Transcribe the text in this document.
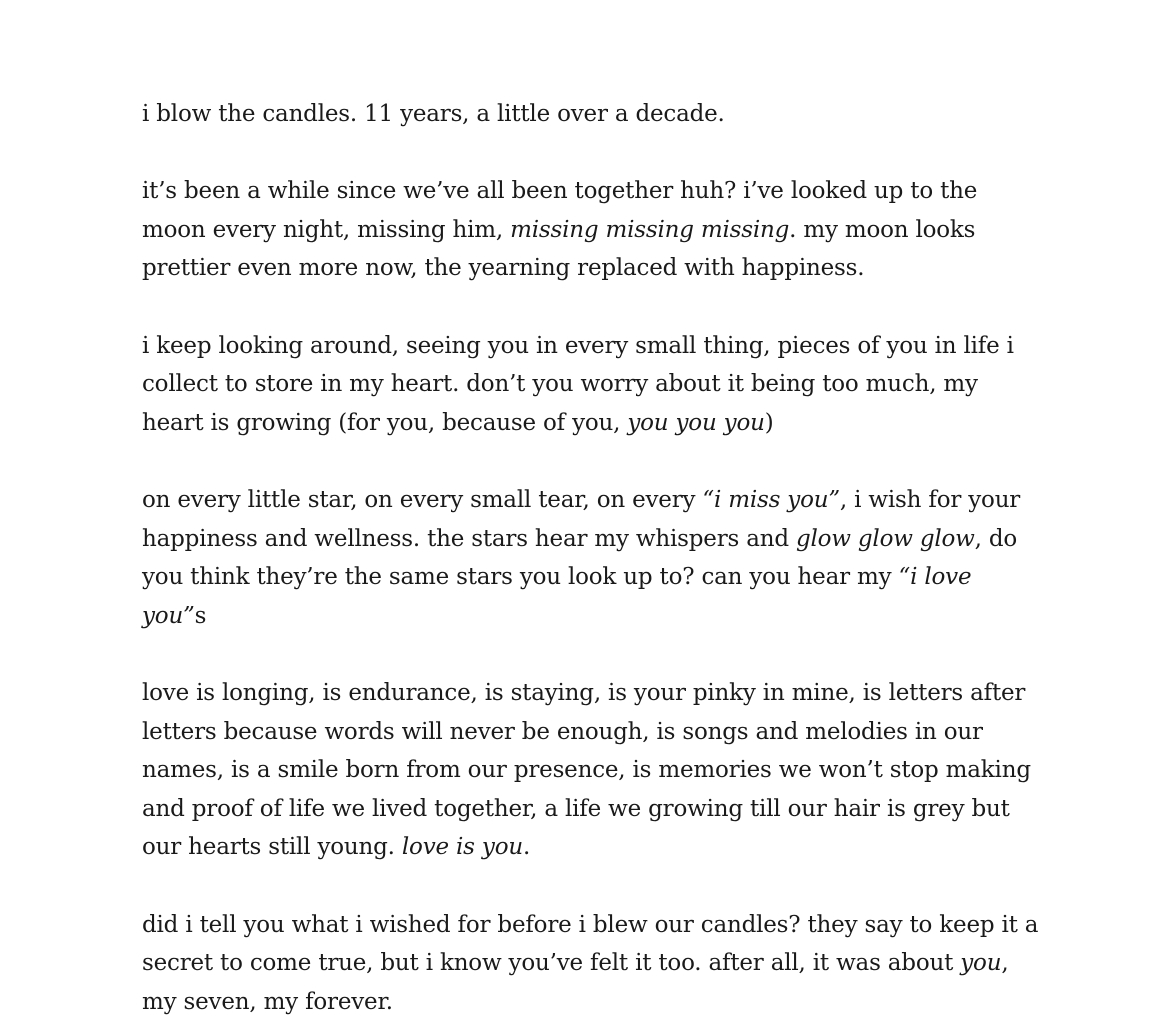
i blow the candles. 11 years, a little over a decade.

it’s been a while since we’ve all been together huh? i’ve looked up to the moon every night, missing him, missing missing missing. my moon looks prettier even more now, the yearning replaced with happiness.

i keep looking around, seeing you in every small thing, pieces of you in life i collect to store in my heart. don’t you worry about it being too much, my heart is growing (for you, because of you, you you you)

on every little star, on every small tear, on every “i miss you”, i wish for your happiness and wellness. the stars hear my whispers and glow glow glow, do you think they’re the same stars you look up to? can you hear my “i love you”s

love is longing, is endurance, is staying, is your pinky in mine, is letters after letters because words will never be enough, is songs and melodies in our names, is a smile born from our presence, is memories we won’t stop making and proof of life we lived together, a life we growing till our hair is grey but our hearts still young. love is you.

did i tell you what i wished for before i blew our candles? they say to keep it a secret to come true, but i know you’ve felt it too. after all, it was about you, my seven, my forever.
